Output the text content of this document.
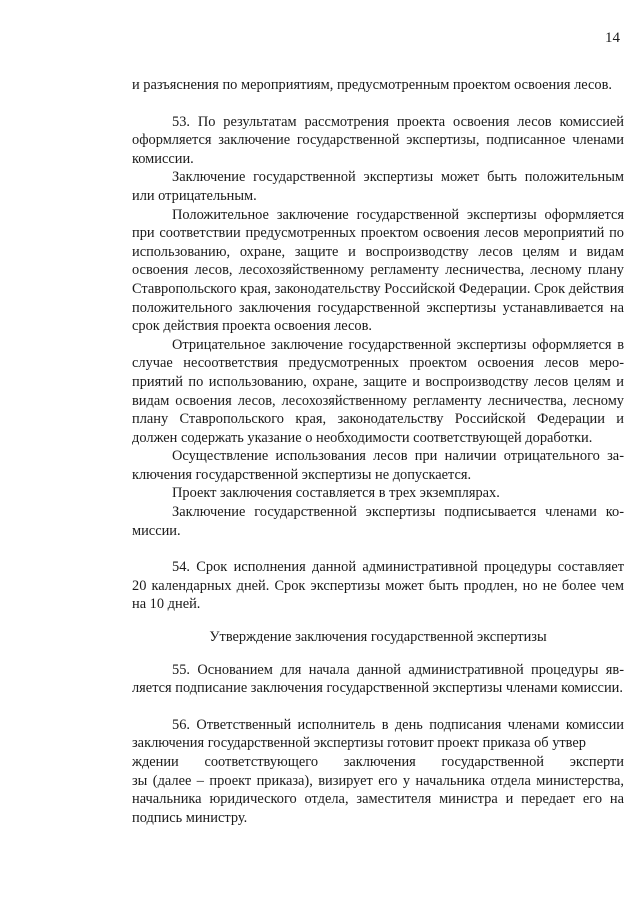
14

и разъяснения по мероприятиям, предусмотренным проектом освоения лесов.

53. По результатам рассмотрения проекта освоения лесов комиссией оформляется заключение государственной экспертизы, подписанное членами комиссии.

Заключение государственной экспертизы может быть положительным или отрицательным.

Положительное заключение государственной экспертизы оформляется при соответствии предусмотренных проектом освоения лесов мероприятий по использованию, охране, защите и воспроизводству лесов целям и видам освоения лесов, лесохозяйственному регламенту лесничества, лесному плану Ставропольского края, законодательству Российской Федерации. Срок действия положительного заключения государственной экспертизы устанавливается на срок действия проекта освоения лесов.

Отрицательное заключение государственной экспертизы оформляется в случае несоответствия предусмотренных проектом освоения лесов мероприятий по использованию, охране, защите и воспроизводству лесов целям и видам освоения лесов, лесохозяйственному регламенту лесничества, лесному плану Ставропольского края, законодательству Российской Федерации и должен содержать указание о необходимости соответствующей доработки.

Осуществление использования лесов при наличии отрицательного заключения государственной экспертизы не допускается.

Проект заключения составляется в трех экземплярах.

Заключение государственной экспертизы подписывается членами комиссии.

54. Срок исполнения данной административной процедуры составляет 20 календарных дней. Срок экспертизы может быть продлен, но не более чем на 10 дней.

Утверждение заключения государственной экспертизы

55. Основанием для начала данной административной процедуры является подписание заключения государственной экспертизы членами комиссии.

56. Ответственный исполнитель в день подписания членами комиссии заключения государственной экспертизы готовит проект приказа об утвер

ждении соответствующего заключения государственной эксперти

зы (далее – проект приказа), визирует его у начальника отдела министерства, начальника юридического отдела, заместителя министра и передает его на подпись министру.
